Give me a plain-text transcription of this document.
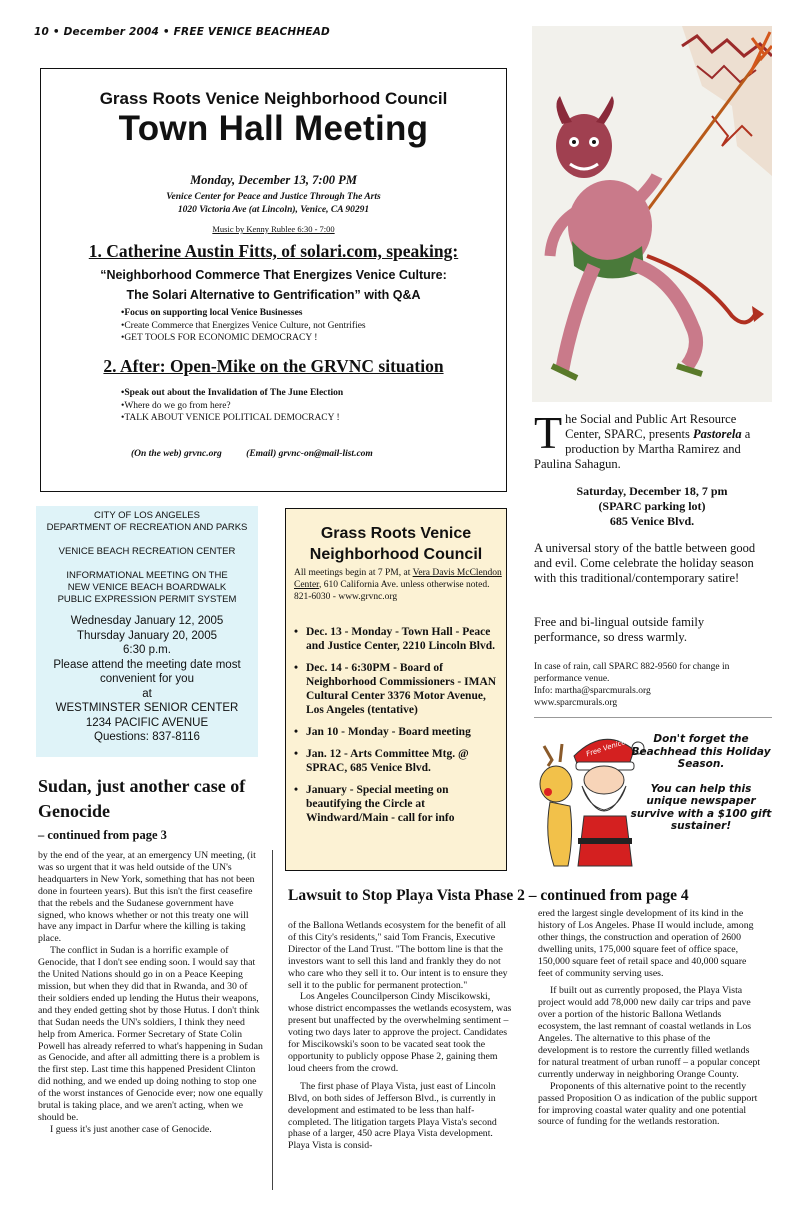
10 • December 2004 • FREE VENICE BEACHHEAD
Grass Roots Venice Neighborhood Council
Town Hall Meeting
Monday, December 13, 7:00 PM
Venice Center for Peace and Justice Through The Arts
1020 Victoria Ave (at Lincoln), Venice, CA 90291
Music by Kenny Rublee 6:30 - 7:00
1. Catherine Austin Fitts, of solari.com, speaking:
“Neighborhood Commerce That Energizes Venice Culture:
The Solari Alternative to Gentrification” with Q&A
•Focus on supporting local Venice Businesses
•Create Commerce that Energizes Venice Culture, not Gentrifies
•GET TOOLS FOR ECONOMIC DEMOCRACY !
2. After: Open-Mike on the GRVNC situation
•Speak out about the Invalidation of The June Election
•Where do we go from here?
•TALK ABOUT VENICE POLITICAL DEMOCRACY !
(On the web) grvnc.org	(Email) grvnc-on@mail-list.com	The Social and Public Art Resource Center, SPARC, presents Pastorela a production by Martha Ramirez and Paulina Sahagun.
Saturday, December 18, 7 pm
(SPARC parking lot)
685 Venice Blvd.
A universal story of the battle between good and evil. Come celebrate the holiday season with this traditional/contemporary satire!
Free and bi-lingual outside family performance, so dress warmly.
In case of rain, call SPARC 882-9560 for change in performance venue.
Info: martha@sparcmurals.org
www.sparcmurals.org
Free Venice	Don't forget the Beachhead this Holiday Season.
You can help this unique newspaper survive with a $100 gift sustainer!
CITY OF LOS ANGELES
DEPARTMENT OF RECREATION AND PARKS
VENICE BEACH RECREATION CENTER
INFORMATIONAL MEETING ON THE
NEW VENICE BEACH BOARDWALK
PUBLIC EXPRESSION PERMIT SYSTEM
Wednesday January 12, 2005
Thursday January 20, 2005
6:30 p.m.
Please attend the meeting date most
convenient for you
at
WESTMINSTER SENIOR CENTER
1234 PACIFIC AVENUE
Questions: 837-8116
Grass Roots Venice
Neighborhood Council
All meetings begin at 7 PM, at Vera Davis McClendon Center, 610 California Ave. unless otherwise noted. 821-6030 - www.grvnc.org
• Dec. 13 - Monday - Town Hall - Peace and Justice Center, 2210 Lincoln Blvd.
• Dec. 14 - 6:30PM - Board of Neighborhood Commissioners - IMAN Cultural Center 3376 Motor Avenue, Los Angeles (tentative)
• Jan 10 - Monday - Board meeting
• Jan. 12 - Arts Committee Mtg. @ SPRAC, 685 Venice Blvd.
• January - Special meeting on beautifying the Circle at Windward/Main - call for info
Sudan, just another case of Genocide
– continued from page 3

by the end of the year, at an emergency UN meeting, (it was so urgent that it was held outside of the UN's headquarters in New York, something that has not been done in fourteen years). But this isn't the first ceasefire that the rebels and the Sudanese government have signed, who knows whether or not this treaty one will have any impact in Darfur where the killing is taking place.

The conflict in Sudan is a horrific example of Genocide, that I don't see ending soon. I would say that the United Nations should go in on a Peace Keeping mission, but when they did that in Rwanda, and 30 of their soldiers ended up lending the Hutus their weapons, and they ended getting shot by those Hutus. I don't think that Sudan needs the UN's soldiers, I think they need help from America. Former Secretary of State Colin Powell has already referred to what's happening in Sudan as Genocide, and after all admitting there is a problem is the first step. Last time this happened President Clinton did nothing, and we ended up doing nothing to stop one of the worst instances of Genocide ever; now one equally brutal is taking place, and we aren't acting, when we should be.

I guess it's just another case of Genocide.

Lawsuit to Stop Playa Vista Phase 2 – continued from page 4

of the Ballona Wetlands ecosystem for the benefit of all of this City's residents," said Tom Francis, Executive Director of the Land Trust. "The bottom line is that the investors want to sell this land and frankly they do not who care who they sell it to. Our intent is to ensure they sell it to the public for permanent protection."

Los Angeles Councilperson Cindy Miscikowski, whose district encompasses the wetlands ecosystem, was present but unaffected by the overwhelming sentiment – voting two days later to approve the project. Candidates for Miscikowski's soon to be vacated seat took the opportunity to publicly oppose Phase 2, gaining them loud cheers from the crowd.

The first phase of Playa Vista, just east of Lincoln Blvd, on both sides of Jefferson Blvd., is currently in development and estimated to be less than half-completed. The litigation targets Playa Vista's second phase of a larger, 450 acre Playa Vista development. Playa Vista is consid-

ered the largest single development of its kind in the history of Los Angeles. Phase II would include, among other things, the construction and operation of 2600 dwelling units, 175,000 square feet of office space, 150,000 square feet of retail space and 40,000 square feet of community serving uses.

If built out as currently proposed, the Playa Vista project would add 78,000 new daily car trips and pave over a portion of the historic Ballona Wetlands ecosystem, the last remnant of coastal wetlands in Los Angeles. The alternative to this phase of the development is to restore the currently filled wetlands for natural treatment of urban runoff – a popular concept currently underway in neighboring Orange County.

Proponents of this alternative point to the recently passed Proposition O as indication of the public support for improving coastal water quality and one potential source of funding for the wetlands restoration.
